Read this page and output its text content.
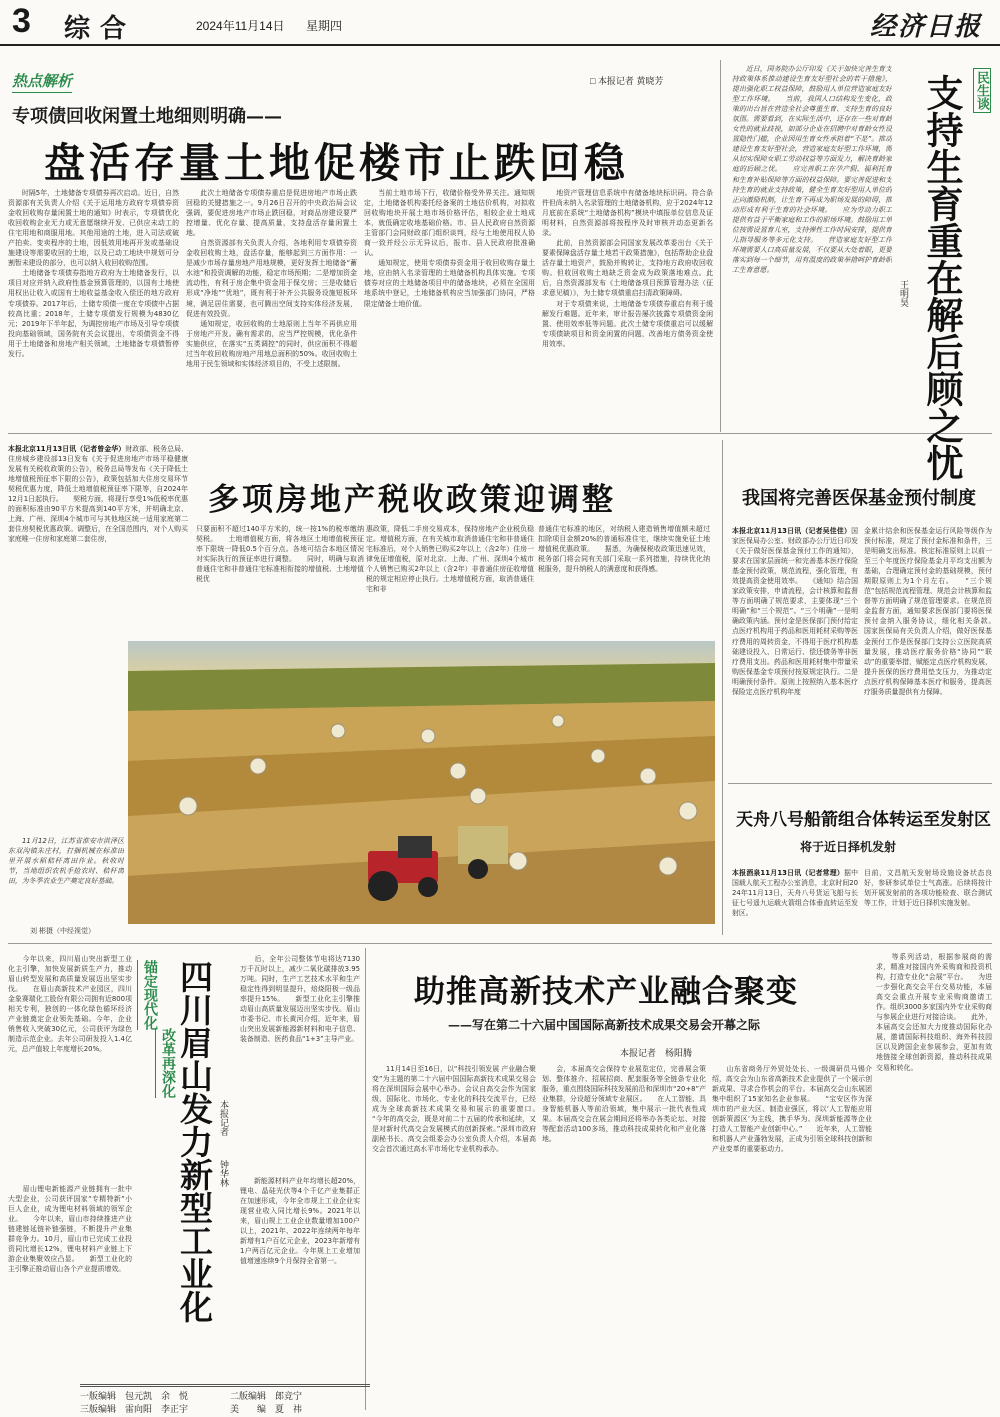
3 综合	2024年11月14日 星期四	经济日报
热点解析	□ 本报记者 黄晓芳
专项债回收闲置土地细则明确——
盘活存量土地促楼市止跌回稳
　　时隔5年，土地储备专项债券再次启动。近日，自然资源部有关负责人介绍《关于运用地方政府专项债券资金收回收购存量闲置土地的通知》时表示，专项债优化收回收购企业无力或无意愿继续开发、已供应未动工的住宅用地和商服用地。其他用途的土地，进入司法或破产拍卖、变卖程序的土地，因低效用地再开发或基础设施建设等需要收回的土地，以及已动工地块中规划可分割暂未建设的部分，也可以纳入收回收购范围。
　　土地储备专项债券指地方政府为土地储备发行，以项目对应并纳入政府性基金预算管理的，以国有土地使用权出让收入或国有土地收益基金收入偿还的地方政府专项债券。2017年后，土储专项债一度在专项债中占据较高比重；2018年，土储专项债发行规模为4830亿元；2019年下半年起，为调控房地产市场及引导专项债投向基础领域，国务院有关会议提出，专项债资金不得用于土地储备和房地产相关领域，土地储备专项债暂停发行。
　　此次土地储备专项债券重启是促进房地产市场止跌回稳的关键措施之一。9月26日召开的中央政治局会议强调，要促进房地产市场止跌回稳，对商品房建设要严控增量、优化存量、提高质量，支持盘活存量闲置土地。
　　自然资源部有关负责人介绍，各地利用专项债券资金收回收购土地，盘活存量，能够起到三方面作用：一是减少市场存量房地产用地规模，更好发挥土地储备“蓄水池”和投资调解的功能，稳定市场预期；二是增加资金流动性，有利于房企集中资金用于保交房；三是收储后形成“净地”“优地”，既有利于补齐公共服务设施短板环境，满足居住需要，也可腾出空间支持实体经济发展，促进有效投资。
　　通知规定，收回收购的土地原则上当年不再供应用于房地产开发。确有需求的，应当严控规模，优化条件实施供应，在落实“五类调控”的同时，供应面积不得超过当年收回收购房地产用地总面积的50%。收回收购土地用于民生领域和实体经济项目的，不受上述限制。
　　当前土地市场下行，收储价格受外界关注。通知规定，土地储备机构委托经备案的土地估价机构，对拟收回收购地块开展土地市场价格评估，相较企业土地成本，就低确定收地基础价格。市、县人民政府自然资源主管部门会同财政部门组织谈判，经与土地使用权人协商一致并经公示无异议后，报市、县人民政府批准确认。
　　通知规定，使用专项债券资金用于收回收购存量土地，应由纳入名录管理的土地储备机构具体实施。专项债券对应的土地储备项目中的储备地块，必须在全国用地系统中登记，土地储备机构应当加强部门协同，严格限定储备土地价值。
　　地资产管理信息系统中有储备地块标识码。符合条件但尚未纳入名录管理的土地储备机构，应于2024年12月底前在系统“土地储备机构”模块中填报单位信息及证明材料，自然资源部将按程序及时审核并动态更新名录。
　　此前，自然资源部会同国家发展改革委出台《关于要素保障盘活存量土地若干政策措施》，包括帮助企业盘活存量土地资产，鼓励并购转让，支持地方政府收回收购。但收回收购土地缺乏资金成为政策落地难点。此后，自然资源部发布《土地储备项目预算管理办法（征求意见稿）》，为土储专项债重启扫清政策障碍。
　　对于专项债来说，土地储备专项债券重启有利于缓解发行难题。近年来，审计报告屡次披露专项债资金闲置、使用效率低等问题。此次土储专项债重启可以缓解专项债缺项目和资金闲置的问题，改善地方债务资金使用效率。
民生谈
支持生育重在解后顾之忧
王明昊
　　近日，国务院办公厅印发《关于加快完善生育支持政策体系推动建设生育友好型社会的若干措施》，提出强化职工权益保障，鼓励用人单位营造家庭友好型工作环境。　　当前，我国人口结构发生变化，政策的出台旨在营造全社会尊重生育、支持生育的良好氛围。需要看到，在实际生活中，还存在一些对育龄女性的就业歧视，如部分企业在招聘中对育龄女性设置隐性门槛，企业因用生育女性承担着“不是”。推动建设生育友好型社会，营造家庭友好型工作环境，需从切实保障女职工劳动权益等方面发力，解决育龄家庭的后顾之忧。　　应完善职工在孕产假、福利托育和生育补贴保障等方面的权益保障。要完善促进和支持生育的就业支持政策，健全生育友好型用人单位的正向激励机制，让生育不再成为职场发展的障碍，推动形成有利于生育的社会环境。　　应为劳动力职工提供有益于平衡家庭和工作的职场环境。鼓励用工单位按需设置育儿室，支持弹性工作时间安排，提供育儿指导服务等多元化支持。　　营造家庭友好型工作环境需要人口高质量发展，不仅要从大处着眼，更要落实到每一个细节，用有温度的政策举措呵护育龄职工生育意愿。
多项房地产税收政策迎调整
本报北京11月13日讯（记者曾金华）财政部、税务总局、住房城乡建设部13日发布《关于促进房地产市场平稳健康发展有关税收政策的公告》，税务总局等发布《关于降低土地增值税预征率下限的公告》，政策包括加大住房交易环节契税优惠力度，降低土地增值税预征率下限等，自2024年12月1日起执行。　　契税方面，将现行享受1%低税率优惠的面积标准由90平方米提高到140平方米，并明确北京、上海、广州、深圳4个城市可与其他地区统一适用家庭第二套住房契税优惠政策。调整后，在全国范围内，对个人购买家庭唯一住房和家庭第二套住房，
只要面积不超过140平方米的，统一按1%的税率缴纳契税。　　土地增值税方面，将各地区土地增值税预征率下限统一降低0.5个百分点。各地可结合本地区情况对实际执行的预征率进行调整。　　同时，明确与取消普通住宅和非普通住宅标准相衔接的增值税、土地增值税优
惠政策，降低二手房交易成本，保持房地产企业税负稳定。增值税方面，在有关城市取消普通住宅和非普通住宅标准后，对个人销售已购买2年以上（含2年）住房一律免征增值税，原对北京、上海、广州、深圳4个城市个人销售已购买2年以上（含2年）非普通住房征收增值税的规定相应停止执行。土地增值税方面，取消普通住宅和非
普通住宅标准的地区，对纳税人建造销售增值额未超过扣除项目金额20%的普通标准住宅，继续实施免征土地增值税优惠政策。　　据悉，为确保税收政策迅速见效，税务部门将会同有关部门采取一系列措施，持续优化纳税服务，提升纳税人的满意度和获得感。
　　11月12日，江苏省淮安市洪泽区东双沟镇朱庄村，打捆机械在标准田里开展水稻秸秆离田作业。秋收时节，当地组织农机手抢农时、秸秆离田，为冬季农业生产奠定良好基础。
刘 彬摄（中经视觉）
我国将完善医保基金预付制度
本报北京11月13日讯（记者吴佳佳）国家医保局办公室、财政部办公厅近日印发《关于做好医保基金预付工作的通知》，要求在国家层面统一和完善基本医疗保险基金预付政策，规范流程，强化管理，有效提高资金使用效率。　　《通知》结合国家政策安排，申请流程，会计核算和监督等方面明确了规范要求，主要体现“三个明确”和“三个规范”。“三个明确”一是明确政策内涵。预付金是医保部门预付给定点医疗机构用于药品和医用耗材采购等医疗费用的周转资金，不得用于医疗机构基础建设投入、日常运行、偿还债务等非医疗费用支出。药品和医用耗材集中带量采购医保基金专项预付按原规定执行。二是明确预付条件。原则上按照纳入基本医疗保险定点医疗机构年度
金累计结余和医保基金运行风险等级作为预付标准，规定了预付金标准和条件，三是明确支出标准。核定标准原则上以前一至三个年度医疗保险基金月平均支出额为基础，合理确定预付金的基础规模，预付期限原则上为1个月左右。　　“三个规范”包括规范流程管理、规范会计核算和监督等方面明确了规范管理要求。在规范资金监督方面，通知要求医保部门要将医保预付金纳入服务协议，细化相关条款。　　国家医保局有关负责人介绍，做好医保基金预付工作是医保部门支持公立医院高质量发展，推动医疗服务价格“协同”“联动”的重要举措，赋能定点医疗机构发展，提升医保的医疗费用垫支压力，为推动定点医疗机构保障基本医疗和服务，提高医疗服务质量提供有力保障。
天舟八号船箭组合体转运至发射区
将于近日择机发射
本报酒泉11月13日讯（记者常理）据中国载人航天工程办公室消息，北京时间2024年11月13日，天舟八号货运飞船与长征七号遥九运载火箭组合体垂直转运至发射区。
目前，文昌航天发射场设施设备状态良好，参研参试单位士气高涨。后续将按计划开展发射前的各项功能检查、联合测试等工作，计划于近日择机实施发射。
　　今年以来，四川眉山突出新型工业化主引擎，加快发展新质生产力，推动眉山转型发展和高质量发展迈出坚实步伐。　　在眉山高新技术产业园区，四川金象赛瑞化工股份有限公司拥有近800项相关专利，独创的一体化绿色循环经济产业链奠定企业领先基础。今年，企业销售收入突破30亿元，公司获评为绿色制造示范企业。去年公司研发投入1.4亿元，总产值较上年度增长20%。
　　眉山锂电新能源产业链拥有一批中大型企业，公司获评国家“专精特新”小巨人企业，成为锂电材料领域的领军企业。　　今年以来，眉山市持续推进产业链建链延链补链强链，不断提升产业集群竞争力。10月，眉山市已完成工业投资同比增长12%，锂电材料产业链上下游企业集聚效应凸显。　　新型工业化的主引擎正推动眉山各个产业提质增效。
锚定现代化
改革再深化 四川眉山发力新型工业化 本报记者
钟华林
　　后，全年公司整体节电将达7130万千瓦时以上，减少二氧化碳排放3.95万吨。同时，生产工艺技术水平和生产稳定性得到明显提升，焙烧阳极一级品率提升15%。　　新型工业化主引擎推动眉山高质量发展迈出坚实步伐。眉山市委书记、市长黄河介绍，近年来，眉山突出发展新能源新材料和电子信息、装备制造、医药食品“1+3”主导产业。
　　新能源材料产业年均增长超20%，锂电、晶硅光伏等4个千亿产业集群正在加速形成，今年全市规上工业企业实现营业收入同比增长9%。2021年以来，眉山规上工业企业数量增加100户以上，2021年、2022年连续两年每年新增有1户百亿元企业，2023年新增有1户两百亿元企业。今年规上工业增加值增速连续9个月保持全省第一。
助推高新技术产业融合聚变
——写在第二十六届中国国际高新技术成果交易会开幕之际
本报记者　杨阳腾
　　11月14日至16日，以“科技引领发展 产业融合聚变”为主题的第二十六届中国国际高新技术成果交易会将在深圳国际会展中心举办。会议自高交会作为国家级、国际化、市场化、专业化的科技交流平台，已经成为全球高新技术成果交易和展示的重要窗口。　　“今年的高交会，既是对前二十五届的传承和延续，又是对新时代高交会发展模式的创新探索。”深圳市政府副秘书长、高交会组委会办公室负责人介绍，本届高交会首次通过高水平市场化专业机构承办。
　　会，本届高交会保持专业展览定位，完善展会策划、整体推介、招展招商、配套服务等全链条专业化服务，重点围绕国际科技发展前沿和深圳市“20+8”产业集群，分设超分领域专业展区。　　在人工智能、具身智能机器人等前沿领域，集中展示一批代表性成果。本届高交会在展会期间还将举办各类论坛、对接等配套活动100多场，推动科技成果转化和产业化落地。
　　山东省商务厅外贸处处长、一级调研员马锡介绍，高交会为山东省高新技术企业提供了一个展示创新成果、寻求合作机会的平台。本届高交会山东展团集中组织了15家知名企业参展。　　“宝安区作为深圳市的产业大区、制造业强区，将以‘人工智能应用创新策源区’为主线，携手华为、深圳新能源等企业打造人工智能产业创新中心。”　　近年来，人工智能和机器人产业蓬勃发展，正成为引领全球科技创新和产业变革的重要驱动力。
　　等系列活动，根据参展商的需求，精准对接国内外采购商和投资机构，打造专业化“会展”平台。　　为进一步强化高交会平台交易功能，本届高交会重点开展专业采购商邀请工作。组织3000多家国内外专业采购商与参展企业进行对接洽谈。　　此外，本届高交会还加大力度推动国际化办展，邀请国际科技组织、海外科技园区以及跨国企业参展参会，更加有效地链接全球创新资源，推动科技成果交易和转化。
一版编辑　包元凯　余　悦	二版编辑　郎竞宁
三版编辑　雷向阳　李正宇	美　　编　夏　祎
